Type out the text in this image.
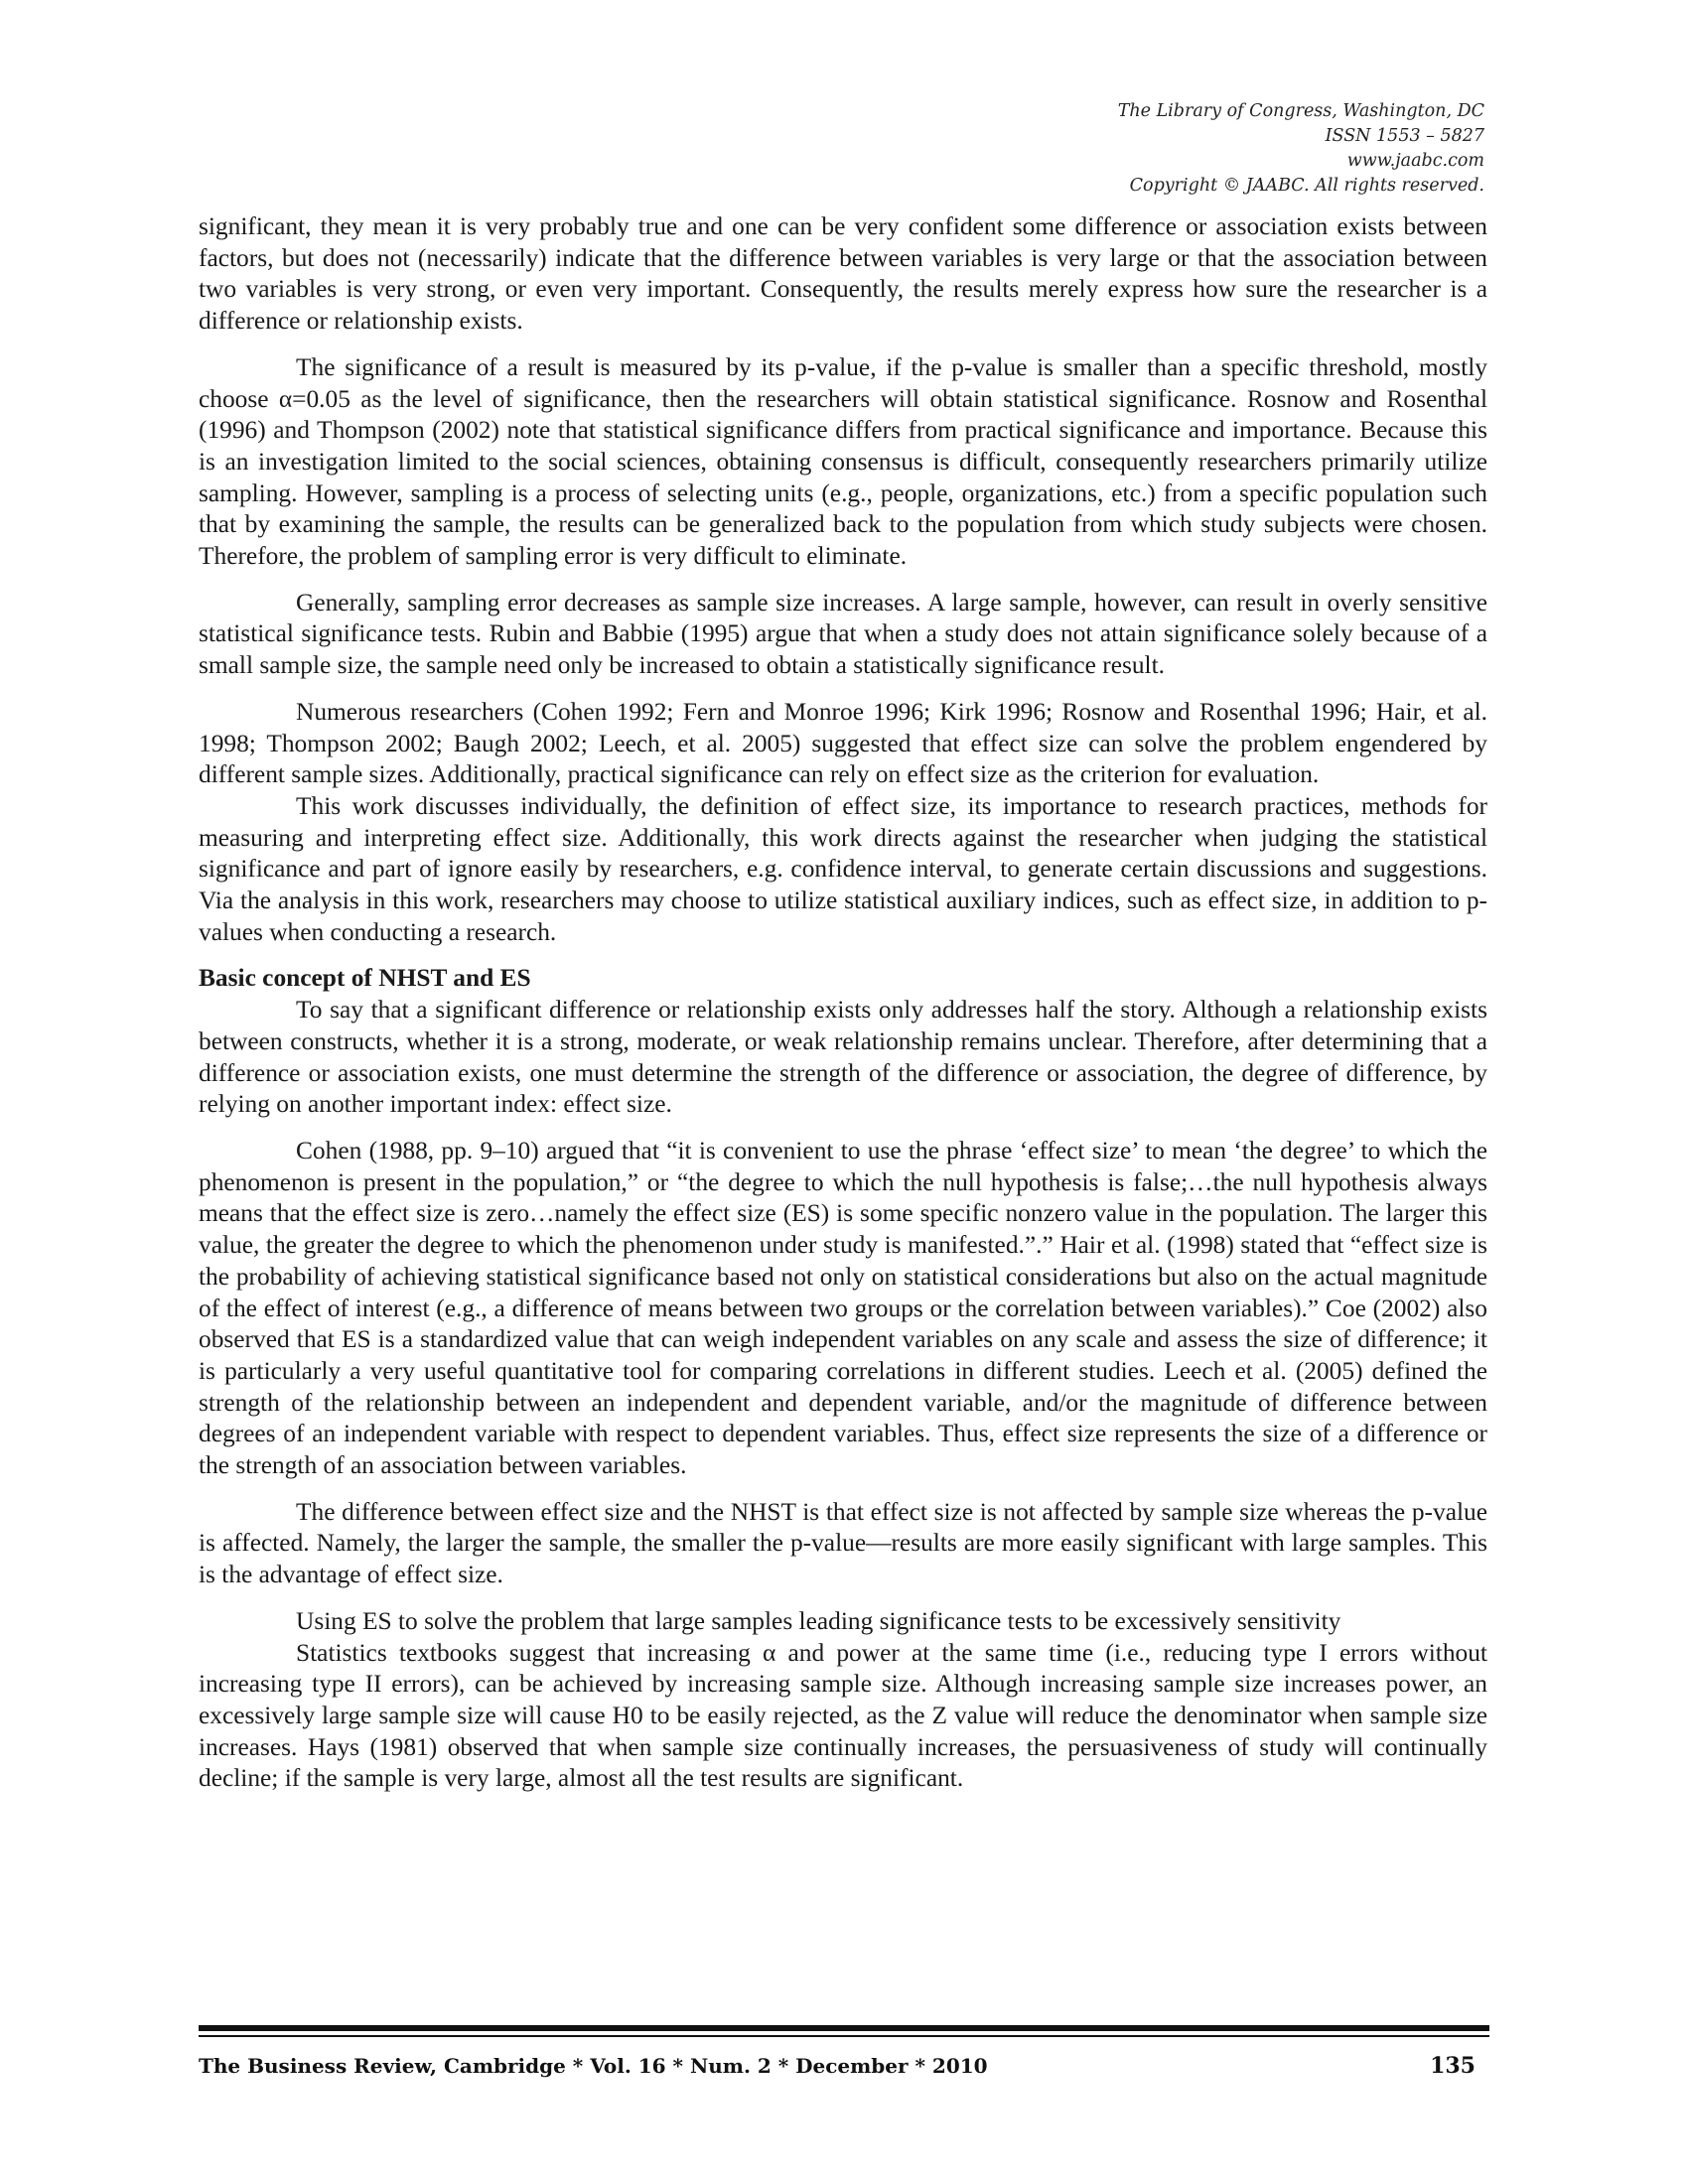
The Library of Congress, Washington, DC
ISSN 1553 – 5827
www.jaabc.com
Copyright © JAABC. All rights reserved.

significant, they mean it is very probably true and one can be very confident some difference or association exists between factors, but does not (necessarily) indicate that the difference between variables is very large or that the association between two variables is very strong, or even very important. Consequently, the results merely express how sure the researcher is a difference or relationship exists.

The significance of a result is measured by its p-value, if the p-value is smaller than a specific threshold, mostly choose α=0.05 as the level of significance, then the researchers will obtain statistical significance. Rosnow and Rosenthal (1996) and Thompson (2002) note that statistical significance differs from practical significance and importance. Because this is an investigation limited to the social sciences, obtaining consensus is difficult, consequently researchers primarily utilize sampling. However, sampling is a process of selecting units (e.g., people, organizations, etc.) from a specific population such that by examining the sample, the results can be generalized back to the population from which study subjects were chosen. Therefore, the problem of sampling error is very difficult to eliminate.

Generally, sampling error decreases as sample size increases. A large sample, however, can result in overly sensitive statistical significance tests. Rubin and Babbie (1995) argue that when a study does not attain significance solely because of a small sample size, the sample need only be increased to obtain a statistically significance result.

Numerous researchers (Cohen 1992; Fern and Monroe 1996; Kirk 1996; Rosnow and Rosenthal 1996; Hair, et al. 1998; Thompson 2002; Baugh 2002; Leech, et al. 2005) suggested that effect size can solve the problem engendered by different sample sizes. Additionally, practical significance can rely on effect size as the criterion for evaluation.

This work discusses individually, the definition of effect size, its importance to research practices, methods for measuring and interpreting effect size. Additionally, this work directs against the researcher when judging the statistical significance and part of ignore easily by researchers, e.g. confidence interval, to generate certain discussions and suggestions. Via the analysis in this work, researchers may choose to utilize statistical auxiliary indices, such as effect size, in addition to p-values when conducting a research.

Basic concept of NHST and ES

To say that a significant difference or relationship exists only addresses half the story. Although a relationship exists between constructs, whether it is a strong, moderate, or weak relationship remains unclear. Therefore, after determining that a difference or association exists, one must determine the strength of the difference or association, the degree of difference, by relying on another important index: effect size.

Cohen (1988, pp. 9–10) argued that “it is convenient to use the phrase ‘effect size’ to mean ‘the degree’ to which the phenomenon is present in the population,” or “the degree to which the null hypothesis is false;…the null hypothesis always means that the effect size is zero…namely the effect size (ES) is some specific nonzero value in the population. The larger this value, the greater the degree to which the phenomenon under study is manifested.”.” Hair et al. (1998) stated that “effect size is the probability of achieving statistical significance based not only on statistical considerations but also on the actual magnitude of the effect of interest (e.g., a difference of means between two groups or the correlation between variables).” Coe (2002) also observed that ES is a standardized value that can weigh independent variables on any scale and assess the size of difference; it is particularly a very useful quantitative tool for comparing correlations in different studies. Leech et al. (2005) defined the strength of the relationship between an independent and dependent variable, and/or the magnitude of difference between degrees of an independent variable with respect to dependent variables. Thus, effect size represents the size of a difference or the strength of an association between variables.

The difference between effect size and the NHST is that effect size is not affected by sample size whereas the p-value is affected. Namely, the larger the sample, the smaller the p-value—results are more easily significant with large samples. This is the advantage of effect size.

Using ES to solve the problem that large samples leading significance tests to be excessively sensitivity

Statistics textbooks suggest that increasing α and power at the same time (i.e., reducing type I errors without increasing type II errors), can be achieved by increasing sample size. Although increasing sample size increases power, an excessively large sample size will cause H0 to be easily rejected, as the Z value will reduce the denominator when sample size increases. Hays (1981) observed that when sample size continually increases, the persuasiveness of study will continually decline; if the sample is very large, almost all the test results are significant.

The Business Review, Cambridge * Vol. 16 * Num. 2 * December * 2010	135
